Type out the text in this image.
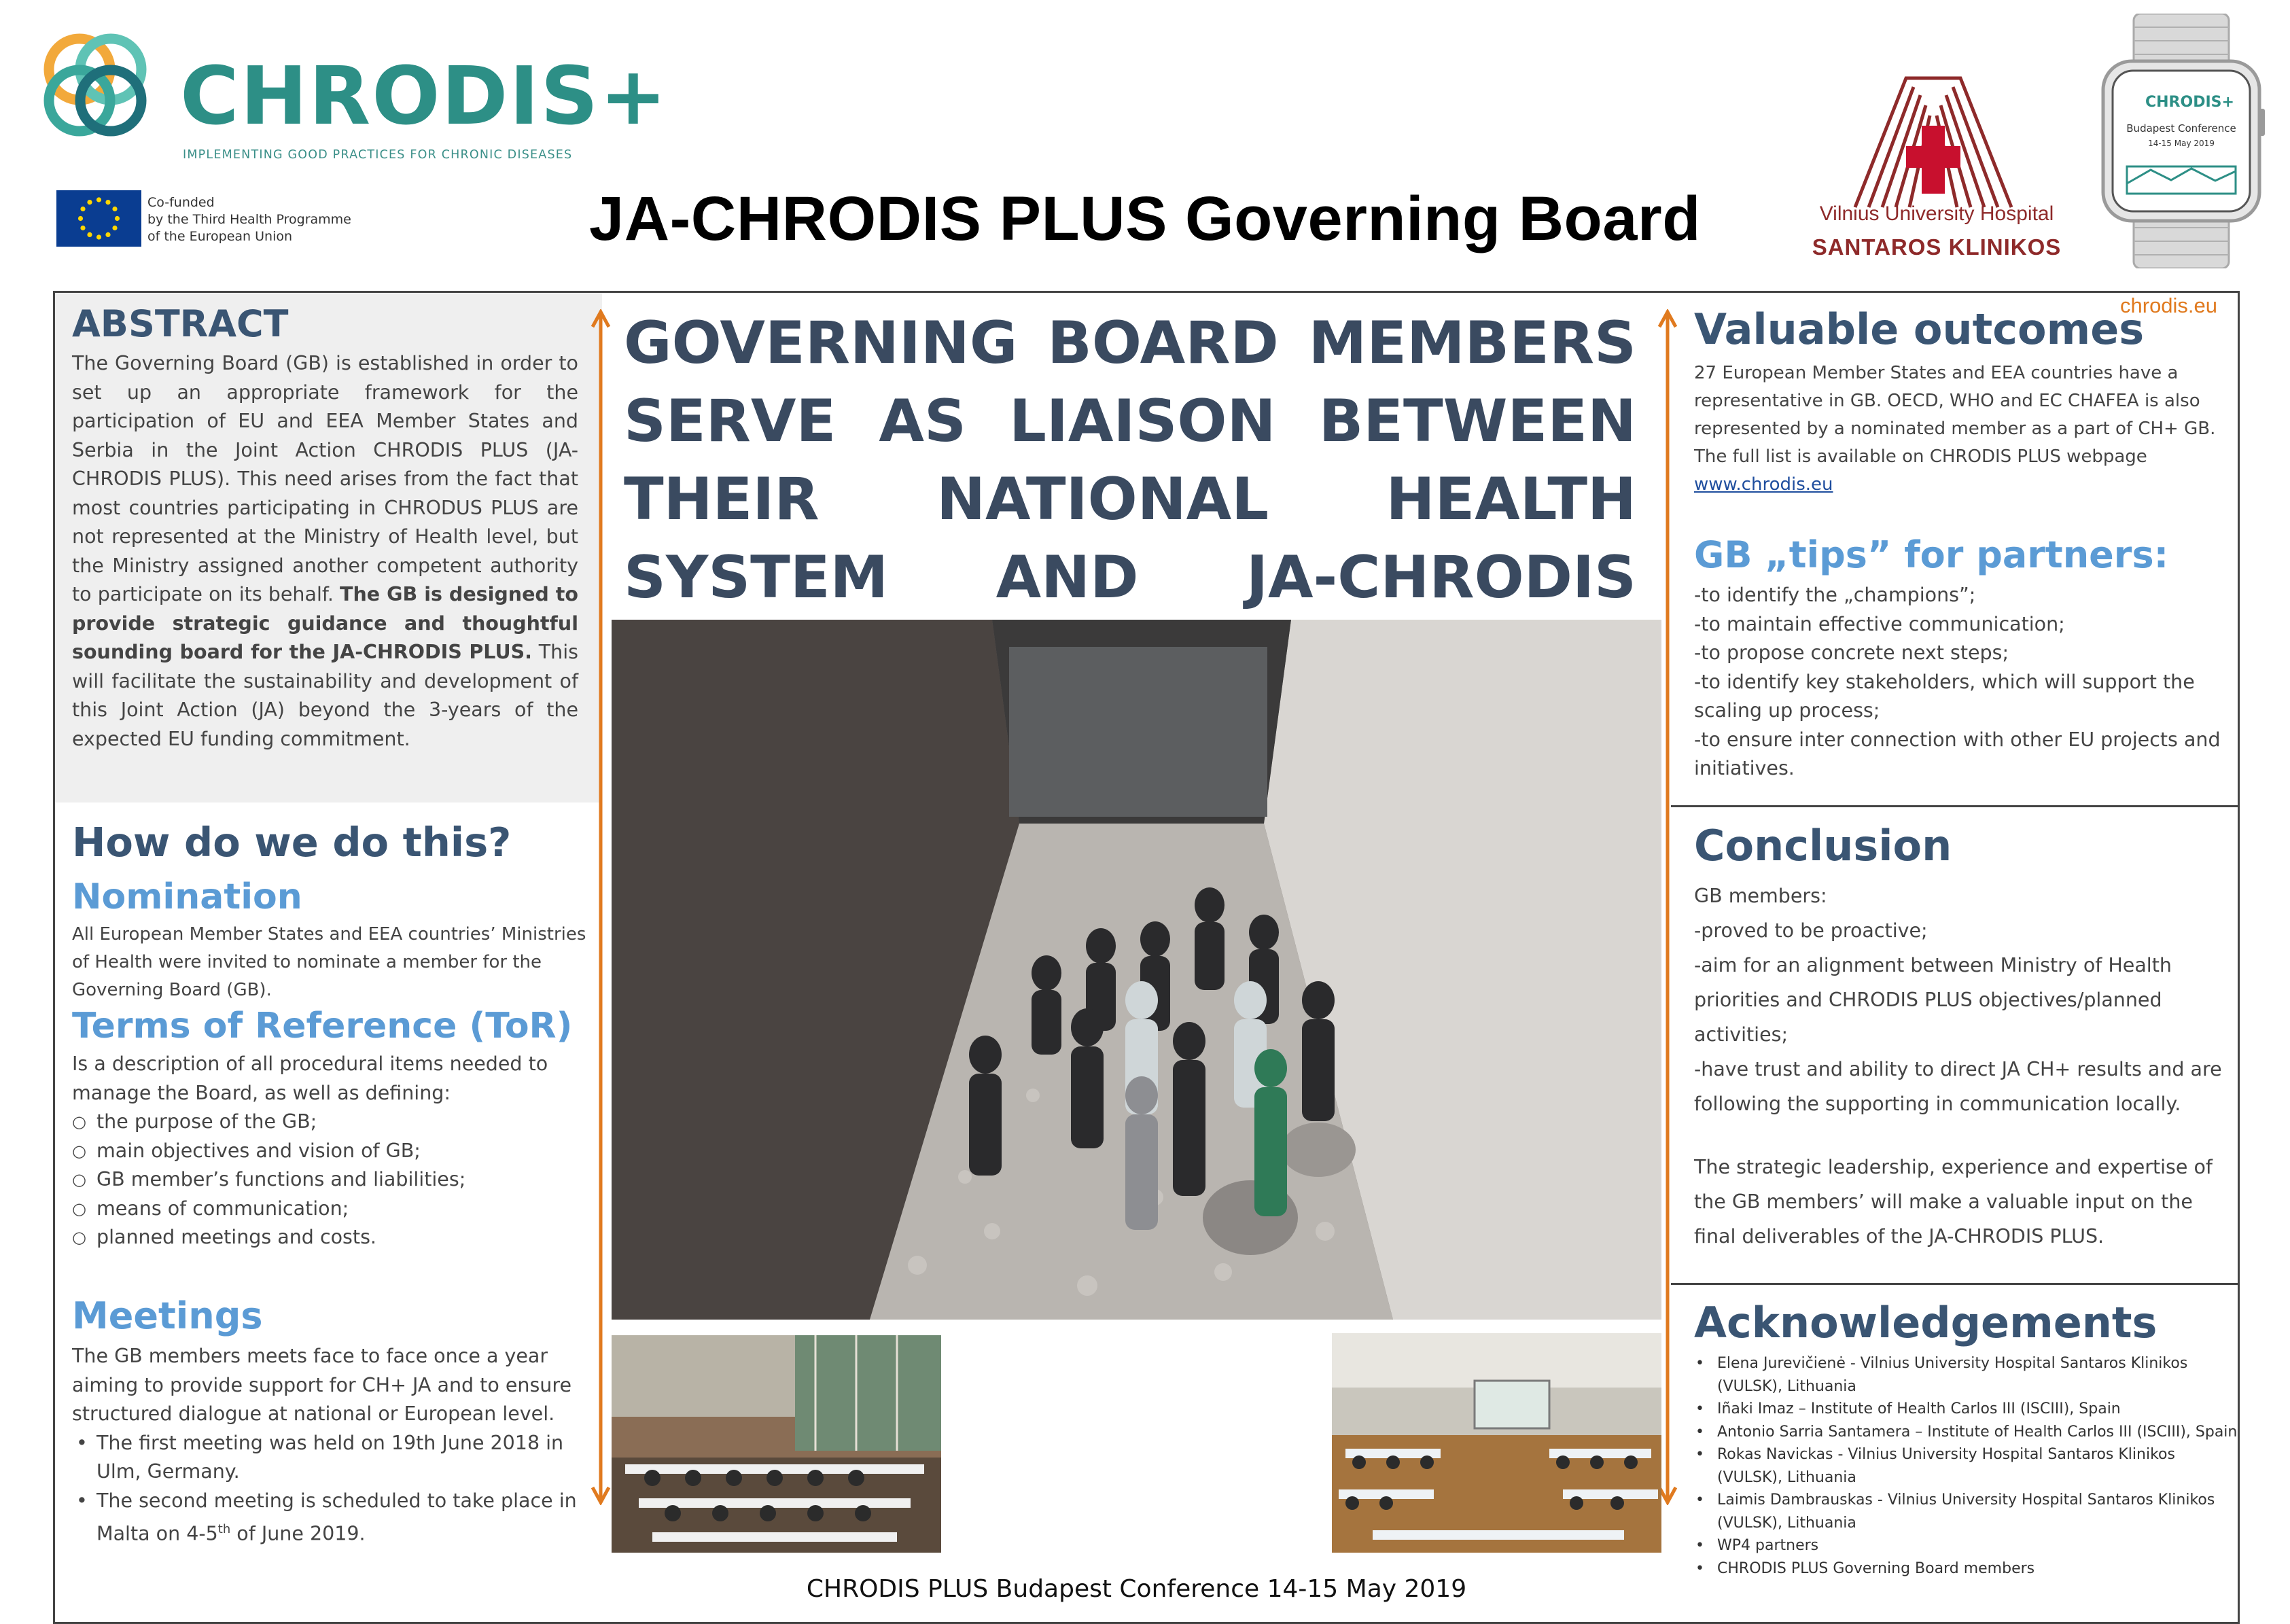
CHRODIS+
IMPLEMENTING GOOD PRACTICES FOR CHRONIC DISEASES
Co-funded
by the Third Health Programme
of the European Union	JA-CHRODIS PLUS Governing Board	Vilnius University Hospital
SANTAROS KLINIKOS
CHRODIS+
Budapest Conference
14-15 May 2019
chrodis.eu
ABSTRACT
The Governing Board (GB) is established in order to set up an appropriate framework for the participation of EU and EEA Member States and Serbia in the Joint Action CHRODIS PLUS (JA-CHRODIS PLUS). This need arises from the fact that most countries participating in CHRODUS PLUS are not represented at the Ministry of Health level, but the Ministry assigned another competent authority to participate on its behalf. The GB is designed to provide strategic guidance and thoughtful sounding board for the JA-CHRODIS PLUS. This will facilitate the sustainability and development of this Joint Action (JA) beyond the 3-years of the expected EU funding commitment.
How do we do this?
Nomination
All European Member States and EEA countries’ Ministries of Health were invited to nominate a member for the Governing Board (GB).
Terms of Reference (ToR)
Is a description of all procedural items needed to manage the Board, as well as defining:
○ the purpose of the GB;
○ main objectives and vision of GB;
○ GB member’s functions and liabilities;
○ means of communication;
○ planned meetings and costs.
Meetings
The GB members meets face to face once a year aiming to provide support for CH+ JA and to ensure structured dialogue at national or European level.
• The first meeting was held on 19th June 2018 in Ulm, Germany.
• The second meeting is scheduled to take place in Malta on 4-5th of June 2019.
GOVERNING BOARD MEMBERS SERVE AS LIAISON BETWEEN THEIR NATIONAL HEALTH SYSTEM AND JA-CHRODIS
CHRODIS PLUS Budapest Conference 14-15 May 2019
Valuable outcomes
27 European Member States and EEA countries have a representative in GB. OECD, WHO and EC CHAFEA is also represented by a nominated member as a part of CH+ GB. The full list is available on CHRODIS PLUS webpage www.chrodis.eu
GB „tips” for partners:
-to identify the „champions”;
-to maintain effective communication;
-to propose concrete next steps;
-to identify key stakeholders, which will support the scaling up process;
-to ensure inter connection with other EU projects and initiatives.
Conclusion
GB members:
-proved to be proactive;
-aim for an alignment between Ministry of Health priorities and CHRODIS PLUS objectives/planned activities;
-have trust and ability to direct JA CH+ results and are following the supporting in communication locally.
The strategic leadership, experience and expertise of the GB members’ will make a valuable input on the final deliverables of the JA-CHRODIS PLUS.
Acknowledgements
• Elena Jurevičienė - Vilnius University Hospital Santaros Klinikos (VULSK), Lithuania
• Iñaki Imaz – Institute of Health Carlos III (ISCIII), Spain
• Antonio Sarria Santamera – Institute of Health Carlos III (ISCIII), Spain
• Rokas Navickas - Vilnius University Hospital Santaros Klinikos (VULSK), Lithuania
• Laimis Dambrauskas - Vilnius University Hospital Santaros Klinikos (VULSK), Lithuania
• WP4 partners
• CHRODIS PLUS Governing Board members
